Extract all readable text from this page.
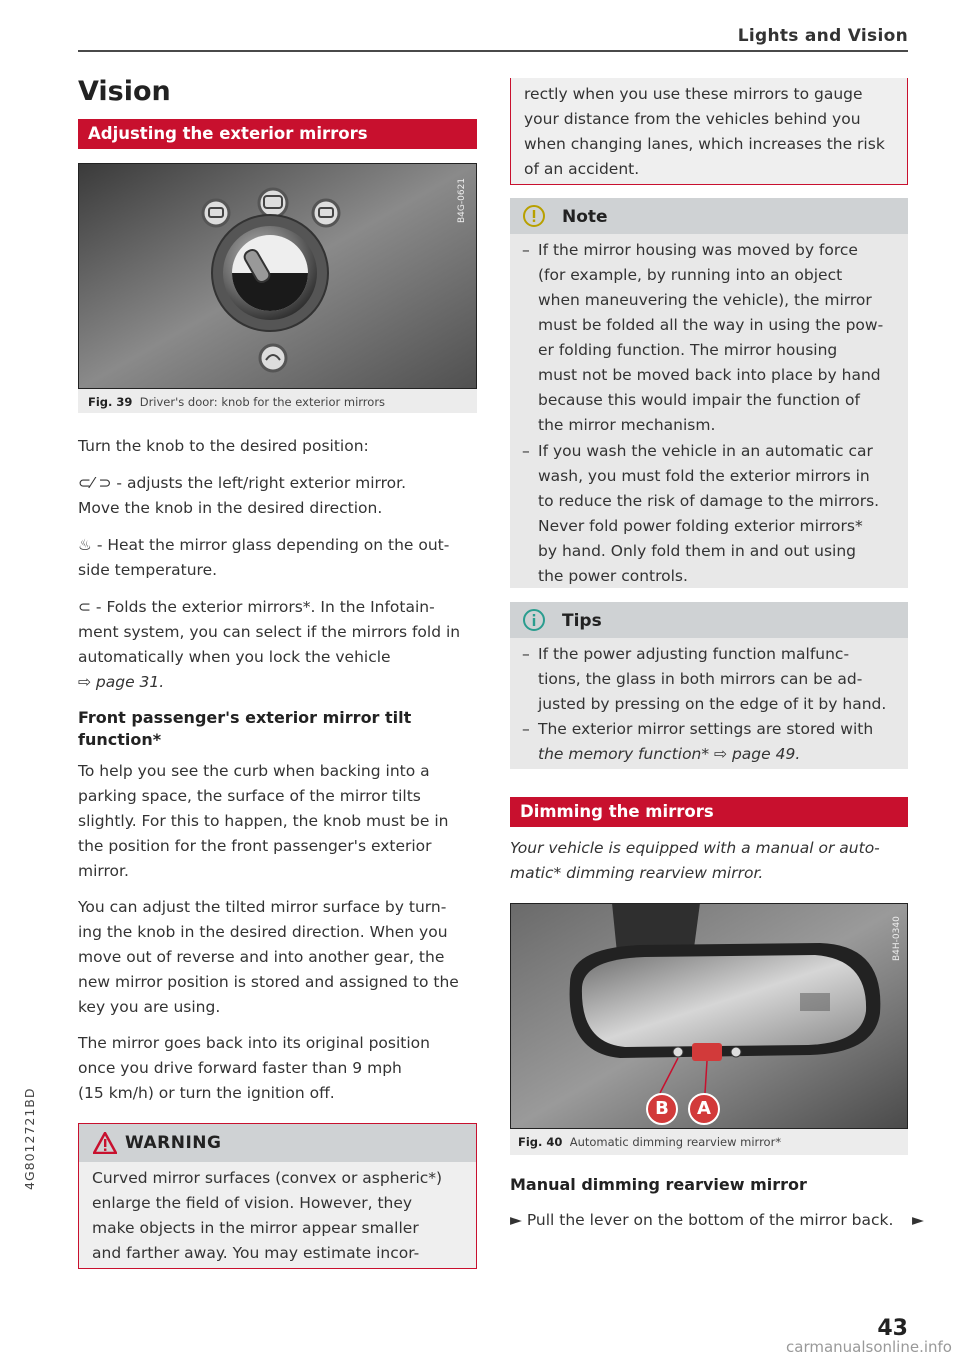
Lights and Vision
Vision
Adjusting the exterior mirrors
B4G-0621
Fig. 39 Driver's door: knob for the exterior mirrors
Turn the knob to the desired position:
⊂⁄ ⊃ - adjusts the left/right exterior mirror.
Move the knob in the desired direction.
♨ - Heat the mirror glass depending on the out-
side temperature.
⊂ - Folds the exterior mirrors*. In the Infotain-
ment system, you can select if the mirrors fold in
automatically when you lock the vehicle
⇨ page 31.
Front passenger's exterior mirror tilt
function*
To help you see the curb when backing into a
parking space, the surface of the mirror tilts
slightly. For this to happen, the knob must be in
the position for the front passenger's exterior
mirror.
You can adjust the tilted mirror surface by turn-
ing the knob in the desired direction. When you
move out of reverse and into another gear, the
new mirror position is stored and assigned to the
key you are using.
The mirror goes back into its original position
once you drive forward faster than 9 mph
(15 km/h) or turn the ignition off.
WARNING
Curved mirror surfaces (convex or aspheric*)
enlarge the field of vision. However, they
make objects in the mirror appear smaller
and farther away. You may estimate incor-
rectly when you use these mirrors to gauge
your distance from the vehicles behind you
when changing lanes, which increases the risk
of an accident.
Note
– If the mirror housing was moved by force
(for example, by running into an object
when maneuvering the vehicle), the mirror
must be folded all the way in using the pow-
er folding function. The mirror housing
must not be moved back into place by hand
because this would impair the function of
the mirror mechanism.
– If you wash the vehicle in an automatic car
wash, you must fold the exterior mirrors in
to reduce the risk of damage to the mirrors.
Never fold power folding exterior mirrors*
by hand. Only fold them in and out using
the power controls.
Tips
– If the power adjusting function malfunc-
tions, the glass in both mirrors can be ad-
justed by pressing on the edge of it by hand.
– The exterior mirror settings are stored with
the memory function* ⇨ page 49.
Dimming the mirrors
Your vehicle is equipped with a manual or auto-
matic* dimming rearview mirror.
B	A
B4H-0340
Fig. 40 Automatic dimming rearview mirror*
Manual dimming rearview mirror
► Pull the lever on the bottom of the mirror back. ►
4G8012721BD
43
carmanualsonline.info
